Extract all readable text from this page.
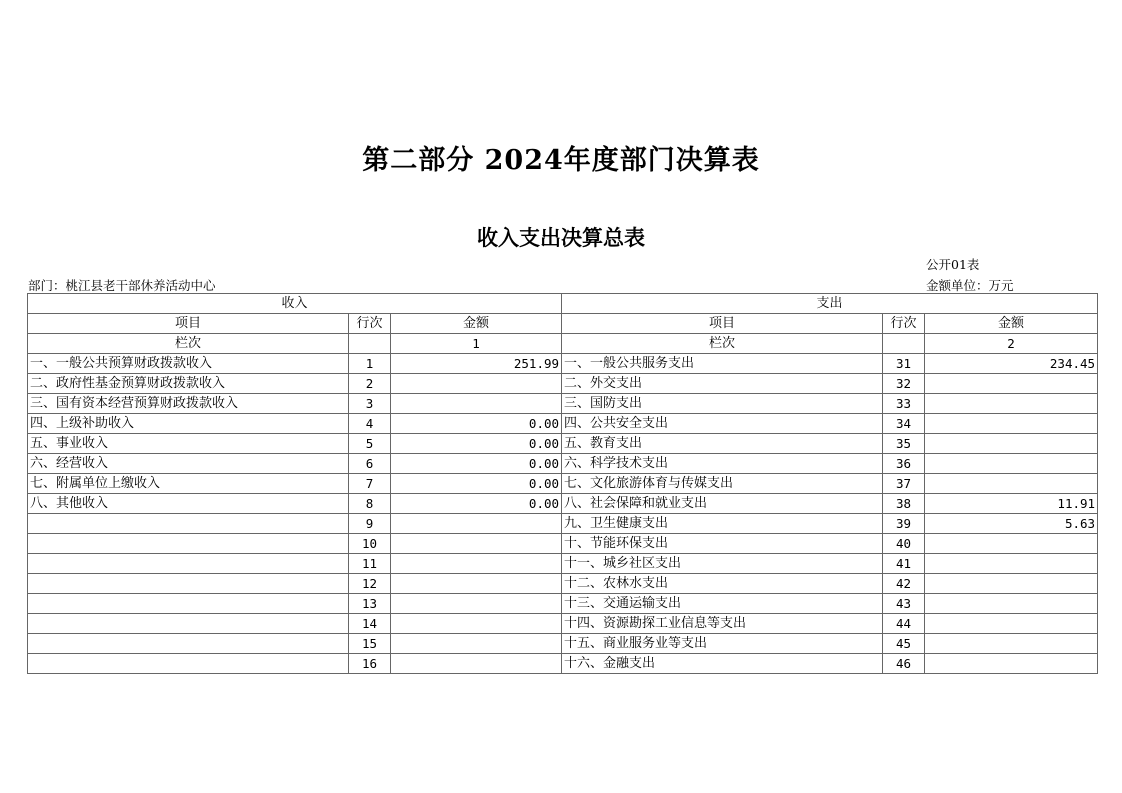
第二部分 2024年度部门决算表
收入支出决算总表
公开01表
部门：桃江县老干部休养活动中心	金额单位：万元
收入			支出		
项目	行次	金额	项目	行次	金额
栏次		1	栏次		2
一、一般公共预算财政拨款收入	1	251.99	一、一般公共服务支出	31	234.45
二、政府性基金预算财政拨款收入	2		二、外交支出	32	
三、国有资本经营预算财政拨款收入	3		三、国防支出	33	
四、上级补助收入	4	0.00	四、公共安全支出	34	
五、事业收入	5	0.00	五、教育支出	35	
六、经营收入	6	0.00	六、科学技术支出	36	
七、附属单位上缴收入	7	0.00	七、文化旅游体育与传媒支出	37	
八、其他收入	8	0.00	八、社会保障和就业支出	38	11.91
	9		九、卫生健康支出	39	5.63
	10		十、节能环保支出	40	
	11		十一、城乡社区支出	41	
	12		十二、农林水支出	42	
	13		十三、交通运输支出	43	
	14		十四、资源勘探工业信息等支出	44	
	15		十五、商业服务业等支出	45	
	16		十六、金融支出	46	
